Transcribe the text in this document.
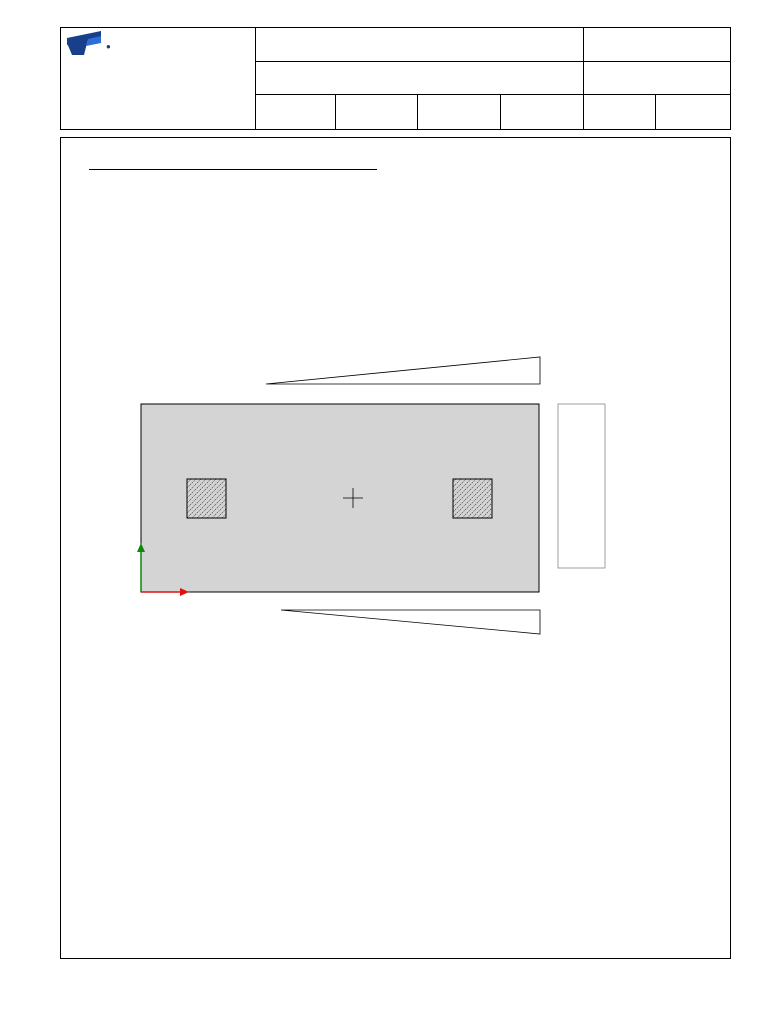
●
